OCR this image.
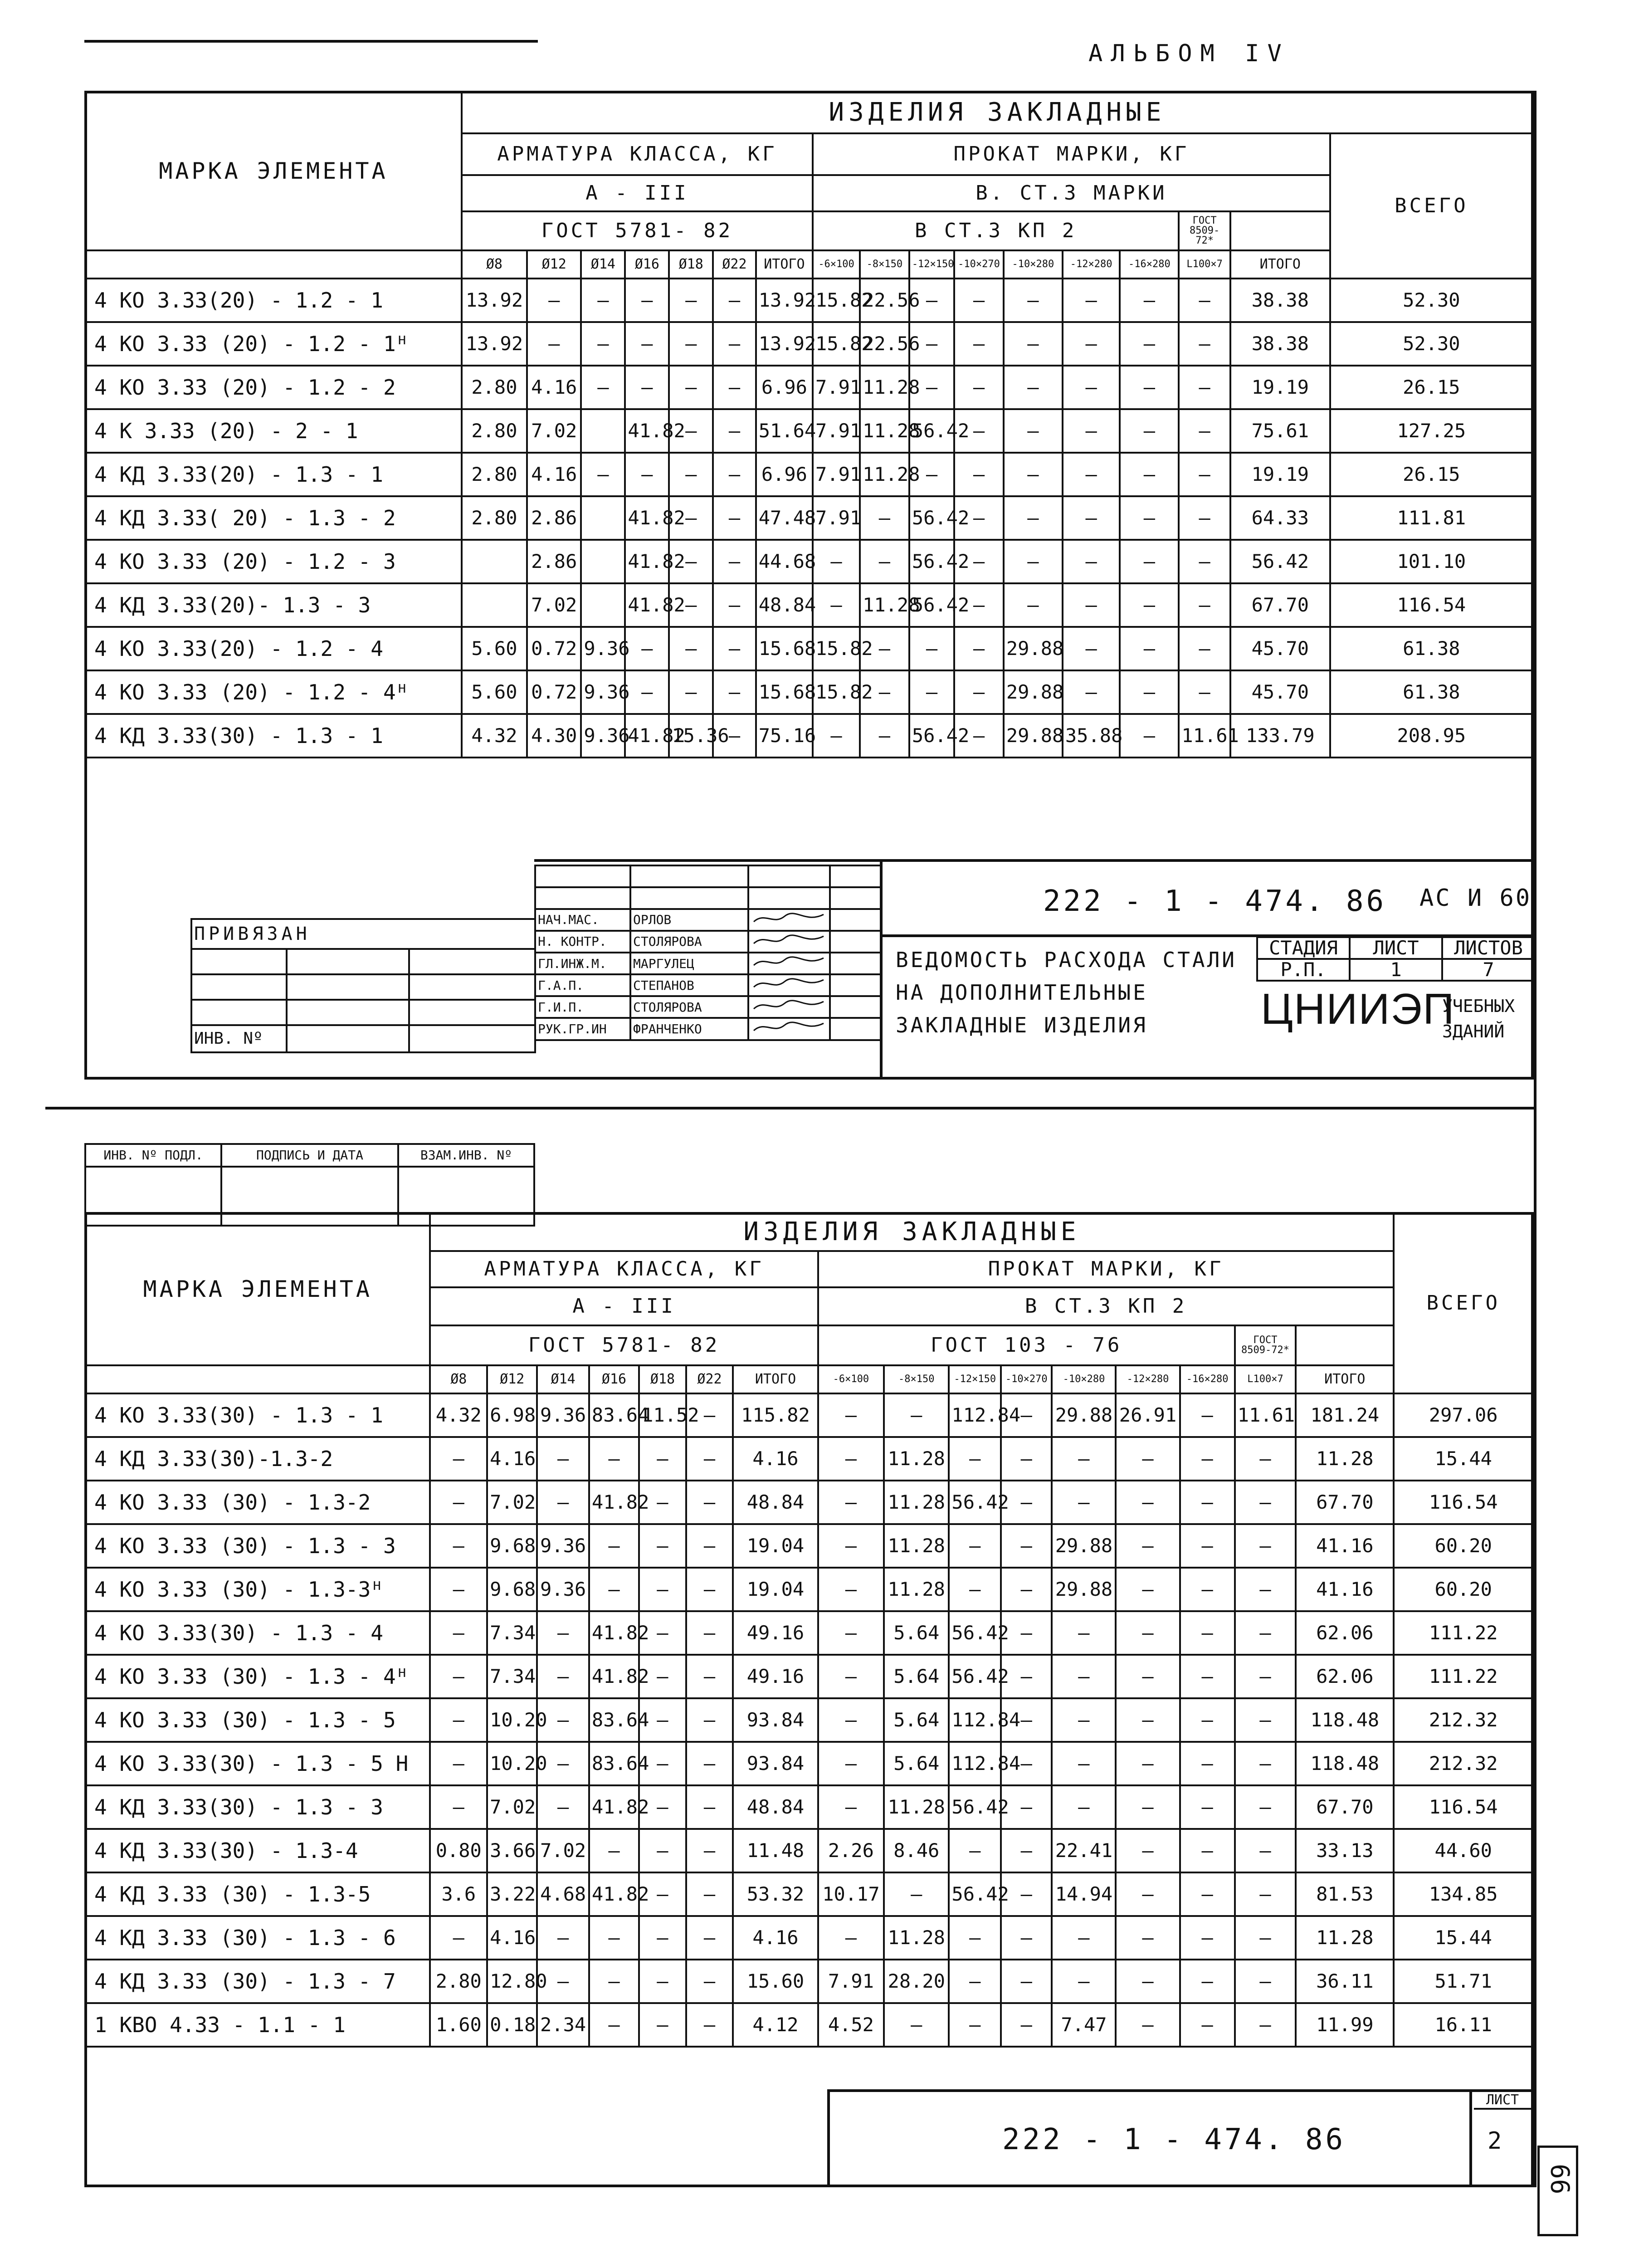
АЛЬБОМ IV
МАРКА ЭЛЕМЕНТА	ИЗДЕЛИЯ ЗАКЛАДНЫЕ																
	АРМАТУРА КЛАССА, КГ							ПРОКАТ МАРКИ, КГ									ВСЕГО
	А - III							В. СТ.3 МАРКИ									
	ГОСТ 5781- 82							В СТ.3 КП 2							ГОСТ 8509-72*		
	Ø8	Ø12	Ø14	Ø16	Ø18	Ø22	ИТОГО	-6×100	-8×150	-12×150	-10×270	-10×280	-12×280	-16×280	L100×7	ИТОГО	
4 КО 3.33(20) - 1.2 - 1	13.92	—	—	—	—	—	13.92	15.82	22.56	—	—	—	—	—	—	38.38	52.30
4 КО 3.33 (20) - 1.2 - 1ᴴ	13.92	—	—	—	—	—	13.92	15.82	22.56	—	—	—	—	—	—	38.38	52.30
4 КО 3.33 (20) - 1.2 - 2	2.80	4.16	—	—	—	—	6.96	7.91	11.28	—	—	—	—	—	—	19.19	26.15
4 К 3.33 (20) - 2 - 1	2.80	7.02		41.82	—	—	51.64	7.91	11.28	56.42	—	—	—	—	—	75.61	127.25
4 КД 3.33(20) - 1.3 - 1	2.80	4.16	—	—	—	—	6.96	7.91	11.28	—	—	—	—	—	—	19.19	26.15
4 КД 3.33( 20) - 1.3 - 2	2.80	2.86		41.82	—	—	47.48	7.91	—	56.42	—	—	—	—	—	64.33	111.81
4 КО 3.33 (20) - 1.2 - 3		2.86		41.82	—	—	44.68	—	—	56.42	—	—	—	—	—	56.42	101.10
4 КД 3.33(20)- 1.3 - 3		7.02		41.82	—	—	48.84	—	11.28	56.42	—	—	—	—	—	67.70	116.54
4 КО 3.33(20) - 1.2 - 4	5.60	0.72	9.36	—	—	—	15.68	15.82	—	—	—	29.88	—	—	—	45.70	61.38
4 КО 3.33 (20) - 1.2 - 4ᴴ	5.60	0.72	9.36	—	—	—	15.68	15.82	—	—	—	29.88	—	—	—	45.70	61.38
4 КД 3.33(30) - 1.3 - 1	4.32	4.30	9.36	41.82	15.36	—	75.16	—	—	56.42	—	29.88	35.88	—	11.61	133.79	208.95

222 - 1 - 474. 86 АС И 60
ВЕДОМОСТЬ РАСХОДА СТАЛИ НА ДОПОЛНИТЕЛЬНЫЕ ЗАКЛАДНЫЕ ИЗДЕЛИЯ
СТАДИЯ	ЛИСТ	ЛИСТОВ
Р.П.	1	7
ЦНИИЭП
УЧЕБНЫХ ЗДАНИЙ

НАЧ.МАС.	ОРЛОВ		
Н. КОНТР.	СТОЛЯРОВА		
ГЛ.ИНЖ.М.	МАРГУЛЕЦ		
Г.А.П.	СТЕПАНОВ		
Г.И.П.	СТОЛЯРОВА		
РУК.ГР.ИН	ФРАНЧЕНКО		
ПРИВЯЗАН		

ИНВ. Nº		
ИНВ. Nº ПОДЛ.	ПОДПИСЬ И ДАТА	ВЗАМ.ИНВ. Nº

МАРКА ЭЛЕМЕНТА	ИЗДЕЛИЯ ЗАКЛАДНЫЕ																ВСЕГО
	АРМАТУРА КЛАССА, КГ							ПРОКАТ МАРКИ, КГ									
	А - III							В СТ.3 КП 2									
	ГОСТ 5781- 82							ГОСТ 103 - 76							ГОСТ 8509-72*		
	Ø8	Ø12	Ø14	Ø16	Ø18	Ø22	ИТОГО	-6×100	-8×150	-12×150	-10×270	-10×280	-12×280	-16×280	L100×7	ИТОГО	
4 КО 3.33(30) - 1.3 - 1	4.32	6.98	9.36	83.64	11.52	—	115.82	—	—	112.84	—	29.88	26.91	—	11.61	181.24	297.06
4 КД 3.33(30)-1.3-2	—	4.16	—	—	—	—	4.16	—	11.28	—	—	—	—	—	—	11.28	15.44
4 КО 3.33 (30) - 1.3-2	—	7.02	—	41.82	—	—	48.84	—	11.28	56.42	—	—	—	—	—	67.70	116.54
4 КО 3.33 (30) - 1.3 - 3	—	9.68	9.36	—	—	—	19.04	—	11.28	—	—	29.88	—	—	—	41.16	60.20
4 КО 3.33 (30) - 1.3-3ᴴ	—	9.68	9.36	—	—	—	19.04	—	11.28	—	—	29.88	—	—	—	41.16	60.20
4 КО 3.33(30) - 1.3 - 4	—	7.34	—	41.82	—	—	49.16	—	5.64	56.42	—	—	—	—	—	62.06	111.22
4 КО 3.33 (30) - 1.3 - 4ᴴ	—	7.34	—	41.82	—	—	49.16	—	5.64	56.42	—	—	—	—	—	62.06	111.22
4 КО 3.33 (30) - 1.3 - 5	—	10.20	—	83.64	—	—	93.84	—	5.64	112.84	—	—	—	—	—	118.48	212.32
4 КО 3.33(30) - 1.3 - 5 Н	—	10.20	—	83.64	—	—	93.84	—	5.64	112.84	—	—	—	—	—	118.48	212.32
4 КД 3.33(30) - 1.3 - 3	—	7.02	—	41.82	—	—	48.84	—	11.28	56.42	—	—	—	—	—	67.70	116.54
4 КД 3.33(30) - 1.3-4	0.80	3.66	7.02	—	—	—	11.48	2.26	8.46	—	—	22.41	—	—	—	33.13	44.60
4 КД 3.33 (30) - 1.3-5	3.6	3.22	4.68	41.82	—	—	53.32	10.17	—	56.42	—	14.94	—	—	—	81.53	134.85
4 КД 3.33 (30) - 1.3 - 6	—	4.16	—	—	—	—	4.16	—	11.28	—	—	—	—	—	—	11.28	15.44
4 КД 3.33 (30) - 1.3 - 7	2.80	12.80	—	—	—	—	15.60	7.91	28.20	—	—	—	—	—	—	36.11	51.71
1 КВО 4.33 - 1.1 - 1	1.60	0.18	2.34	—	—	—	4.12	4.52	—	—	—	7.47	—	—	—	11.99	16.11
222 - 1 - 474. 86
ЛИСТ
2
99
